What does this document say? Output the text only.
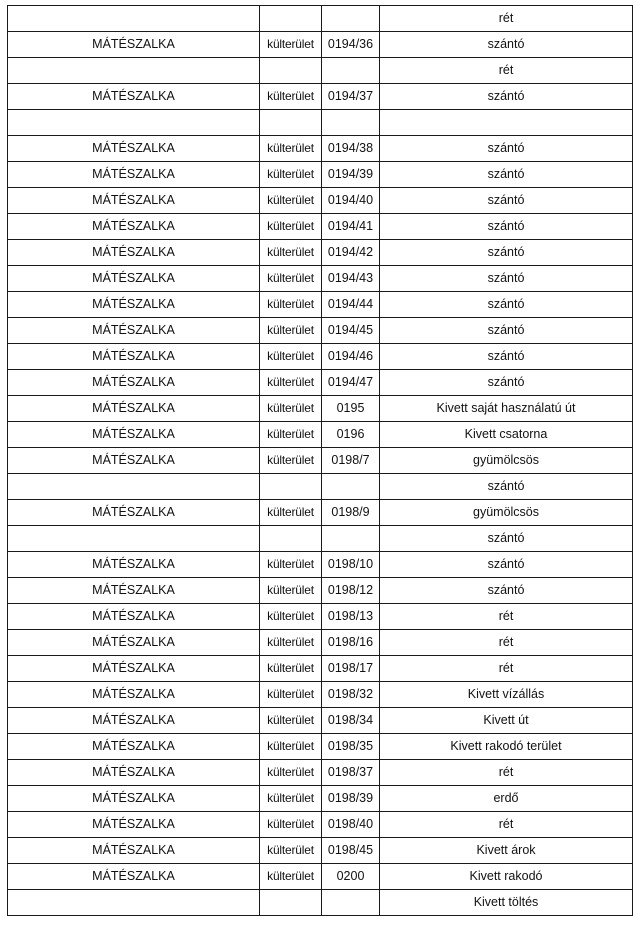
			rét
MÁTÉSZALKA	külterület	0194/36	szántó
			rét
MÁTÉSZALKA	külterület	0194/37	szántó

MÁTÉSZALKA	külterület	0194/38	szántó
MÁTÉSZALKA	külterület	0194/39	szántó
MÁTÉSZALKA	külterület	0194/40	szántó
MÁTÉSZALKA	külterület	0194/41	szántó
MÁTÉSZALKA	külterület	0194/42	szántó
MÁTÉSZALKA	külterület	0194/43	szántó
MÁTÉSZALKA	külterület	0194/44	szántó
MÁTÉSZALKA	külterület	0194/45	szántó
MÁTÉSZALKA	külterület	0194/46	szántó
MÁTÉSZALKA	külterület	0194/47	szántó
MÁTÉSZALKA	külterület	0195	Kivett saját használatú út
MÁTÉSZALKA	külterület	0196	Kivett csatorna
MÁTÉSZALKA	külterület	0198/7	gyümölcsös
			szántó
MÁTÉSZALKA	külterület	0198/9	gyümölcsös
			szántó
MÁTÉSZALKA	külterület	0198/10	szántó
MÁTÉSZALKA	külterület	0198/12	szántó
MÁTÉSZALKA	külterület	0198/13	rét
MÁTÉSZALKA	külterület	0198/16	rét
MÁTÉSZALKA	külterület	0198/17	rét
MÁTÉSZALKA	külterület	0198/32	Kivett vízállás
MÁTÉSZALKA	külterület	0198/34	Kivett út
MÁTÉSZALKA	külterület	0198/35	Kivett rakodó terület
MÁTÉSZALKA	külterület	0198/37	rét
MÁTÉSZALKA	külterület	0198/39	erdő
MÁTÉSZALKA	külterület	0198/40	rét
MÁTÉSZALKA	külterület	0198/45	Kivett árok
MÁTÉSZALKA	külterület	0200	Kivett rakodó
			Kivett töltés
